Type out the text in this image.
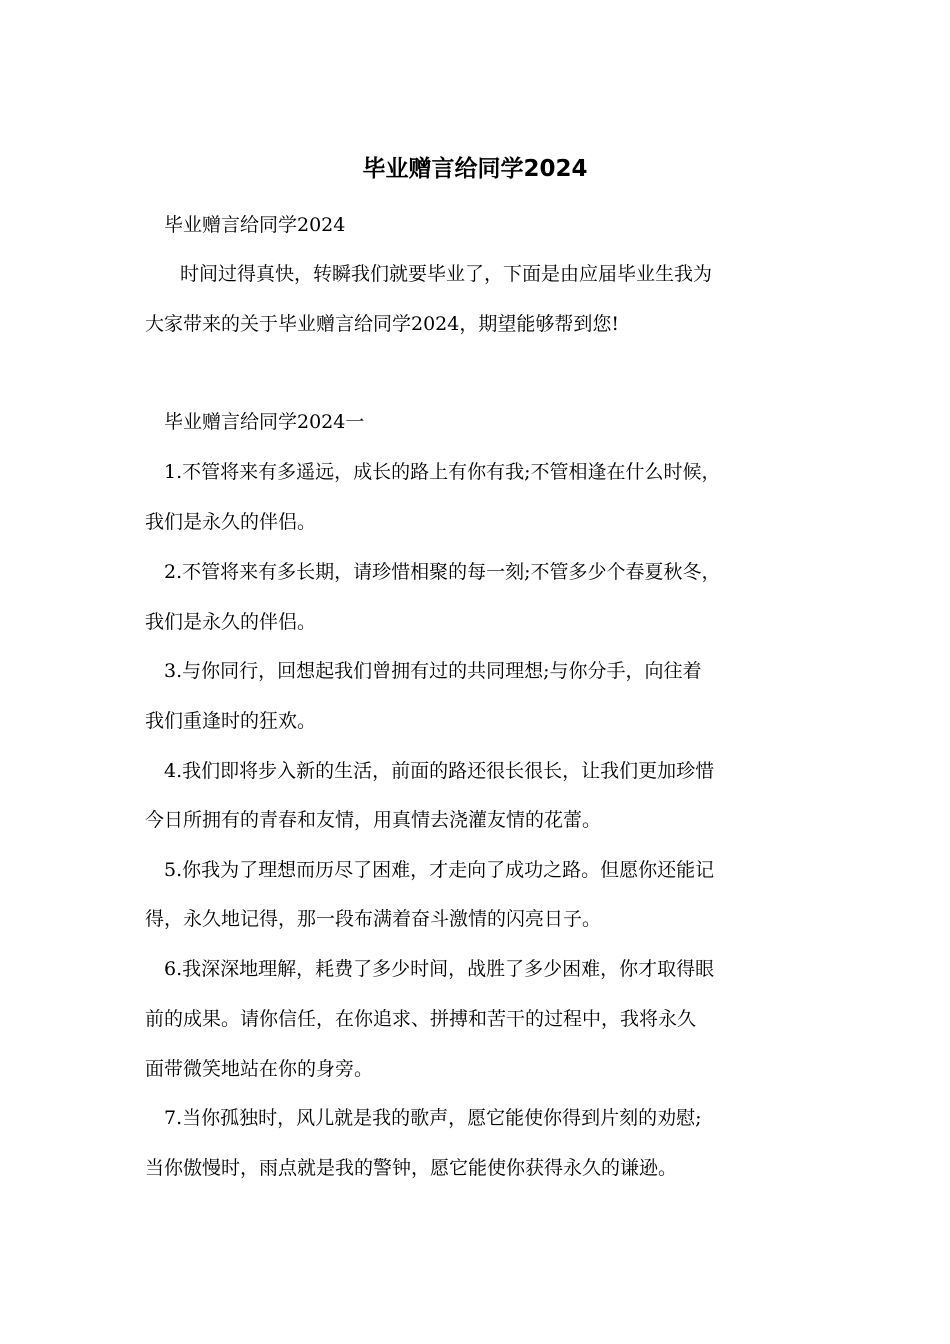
毕业赠言给同学2024
毕业赠言给同学2024
时间过得真快，转瞬我们就要毕业了，下面是由应届毕业生我为
大家带来的关于毕业赠言给同学2024，期望能够帮到您!
毕业赠言给同学2024一
1.不管将来有多遥远，成长的路上有你有我;不管相逢在什么时候，
我们是永久的伴侣。
2.不管将来有多长期，请珍惜相聚的每一刻;不管多少个春夏秋冬，
我们是永久的伴侣。
3.与你同行，回想起我们曾拥有过的共同理想;与你分手，向往着
我们重逢时的狂欢。
4.我们即将步入新的生活，前面的路还很长很长，让我们更加珍惜
今日所拥有的青春和友情，用真情去浇灌友情的花蕾。
5.你我为了理想而历尽了困难，才走向了成功之路。但愿你还能记
得，永久地记得，那一段布满着奋斗激情的闪亮日子。
6.我深深地理解，耗费了多少时间，战胜了多少困难，你才取得眼
前的成果。请你信任，在你追求、拼搏和苦干的过程中，我将永久
面带微笑地站在你的身旁。
7.当你孤独时，风儿就是我的歌声，愿它能使你得到片刻的劝慰;
当你傲慢时，雨点就是我的警钟，愿它能使你获得永久的谦逊。
